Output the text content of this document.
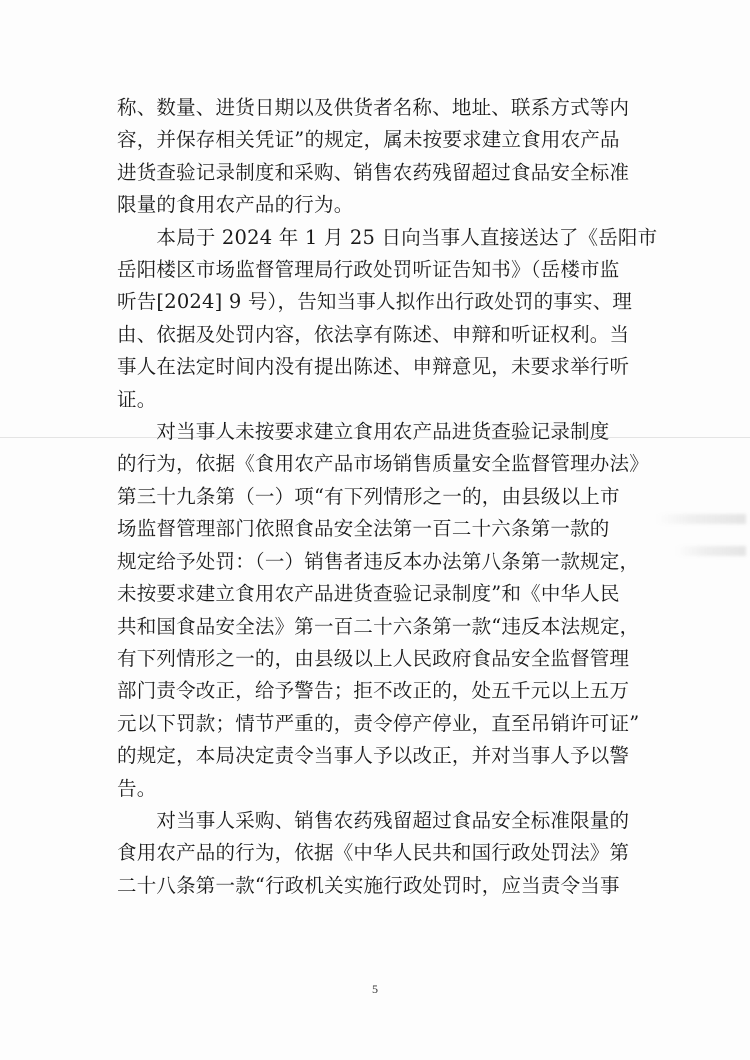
称、数量、进货日期以及供货者名称、地址、联系方式等内
容，并保存相关凭证”的规定，属未按要求建立食用农产品
进货查验记录制度和采购、销售农药残留超过食品安全标准
限量的食用农产品的行为。
　　本局于 2024 年 1 月 25 日向当事人直接送达了《岳阳市
岳阳楼区市场监督管理局行政处罚听证告知书》（岳楼市监
听告[2024] 9 号），告知当事人拟作出行政处罚的事实、理
由、依据及处罚内容，依法享有陈述、申辩和听证权利。当
事人在法定时间内没有提出陈述、申辩意见，未要求举行听
证。
　　对当事人未按要求建立食用农产品进货查验记录制度
的行为，依据《食用农产品市场销售质量安全监督管理办法》
第三十九条第（一）项“有下列情形之一的，由县级以上市
场监督管理部门依照食品安全法第一百二十六条第一款的
规定给予处罚：（一）销售者违反本办法第八条第一款规定，
未按要求建立食用农产品进货查验记录制度”和《中华人民
共和国食品安全法》第一百二十六条第一款“违反本法规定，
有下列情形之一的，由县级以上人民政府食品安全监督管理
部门责令改正，给予警告；拒不改正的，处五千元以上五万
元以下罚款；情节严重的，责令停产停业，直至吊销许可证”
的规定，本局决定责令当事人予以改正，并对当事人予以警
告。
　　对当事人采购、销售农药残留超过食品安全标准限量的
食用农产品的行为，依据《中华人民共和国行政处罚法》第
二十八条第一款“行政机关实施行政处罚时，应当责令当事
5
